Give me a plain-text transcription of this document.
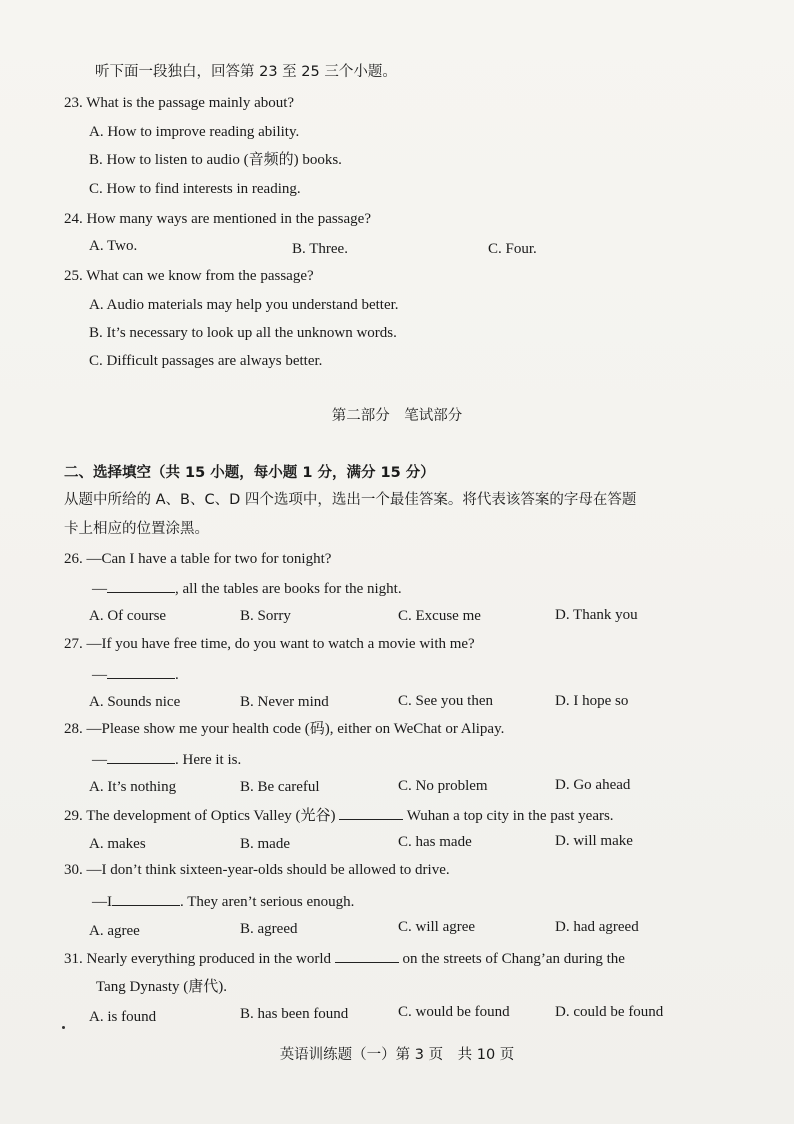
听下面一段独白，回答第 23 至 25 三个小题。
23. What is the passage mainly about?
A. How to improve reading ability.
B. How to listen to audio (音频的) books.
C. How to find interests in reading.
24. How many ways are mentioned in the passage?
A. Two.	B. Three.	C. Four.
25. What can we know from the passage?
A. Audio materials may help you understand better.
B. It’s necessary to look up all the unknown words.
C. Difficult passages are always better.
第二部分　笔试部分
二、选择填空（共 15 小题，每小题 1 分，满分 15 分）
从题中所给的 A、B、C、D 四个选项中，选出一个最佳答案。将代表该答案的字母在答题
卡上相应的位置涂黑。
26. —Can I have a table for two for tonight?
—	, all the tables are books for the night.
A. Of course	B. Sorry	C. Excuse me	D. Thank you
27. —If you have free time, do you want to watch a movie with me?
—	.
A. Sounds nice	B. Never mind	C. See you then	D. I hope so
28. —Please show me your health code (码), either on WeChat or Alipay.
—	. Here it is.
A. It’s nothing	B. Be careful	C. No problem	D. Go ahead
29. The development of Optics Valley (光谷)	Wuhan a top city in the past years.
A. makes	B. made	C. has made	D. will make
30. —I don’t think sixteen-year-olds should be allowed to drive.
—I	. They aren’t serious enough.
A. agree	B. agreed	C. will agree	D. had agreed
31. Nearly everything produced in the world	on the streets of Chang’an during the
Tang Dynasty (唐代).
A. is found	B. has been found	C. would be found	D. could be found
英语训练题（一）第 3 页　共 10 页
